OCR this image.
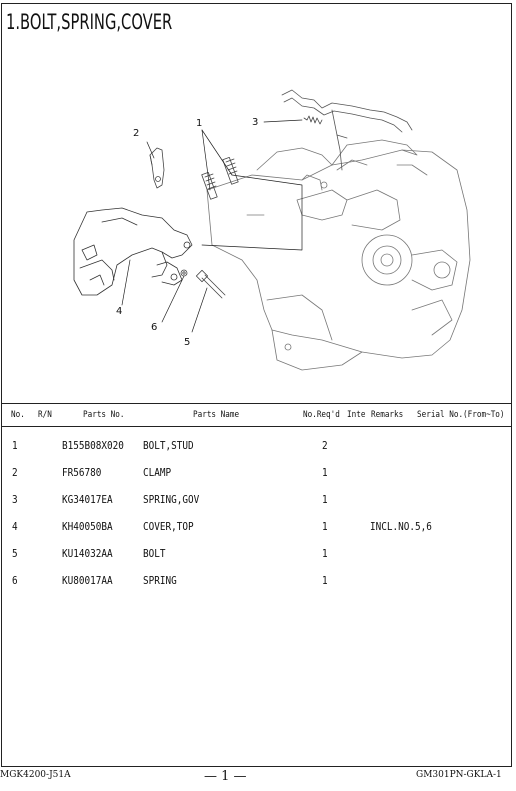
1.BOLT,SPRING,COVER
1
2
3
4
5
6
No. R/N	Parts No.	Parts Name	No.Req'd Inte Remarks Serial No.(From~To)
1	B155B08X020 BOLT,STUD	2
2	FR56780	CLAMP	1
3	KG34017EA	SPRING,GOV	1
4	KH40050BA	COVER,TOP	1	INCL.NO.5,6
5	KU14032AA	BOLT	1
6	KU80017AA	SPRING	1
MGK4200-J51A	— 1 —	GM301PN-GKLA-1
